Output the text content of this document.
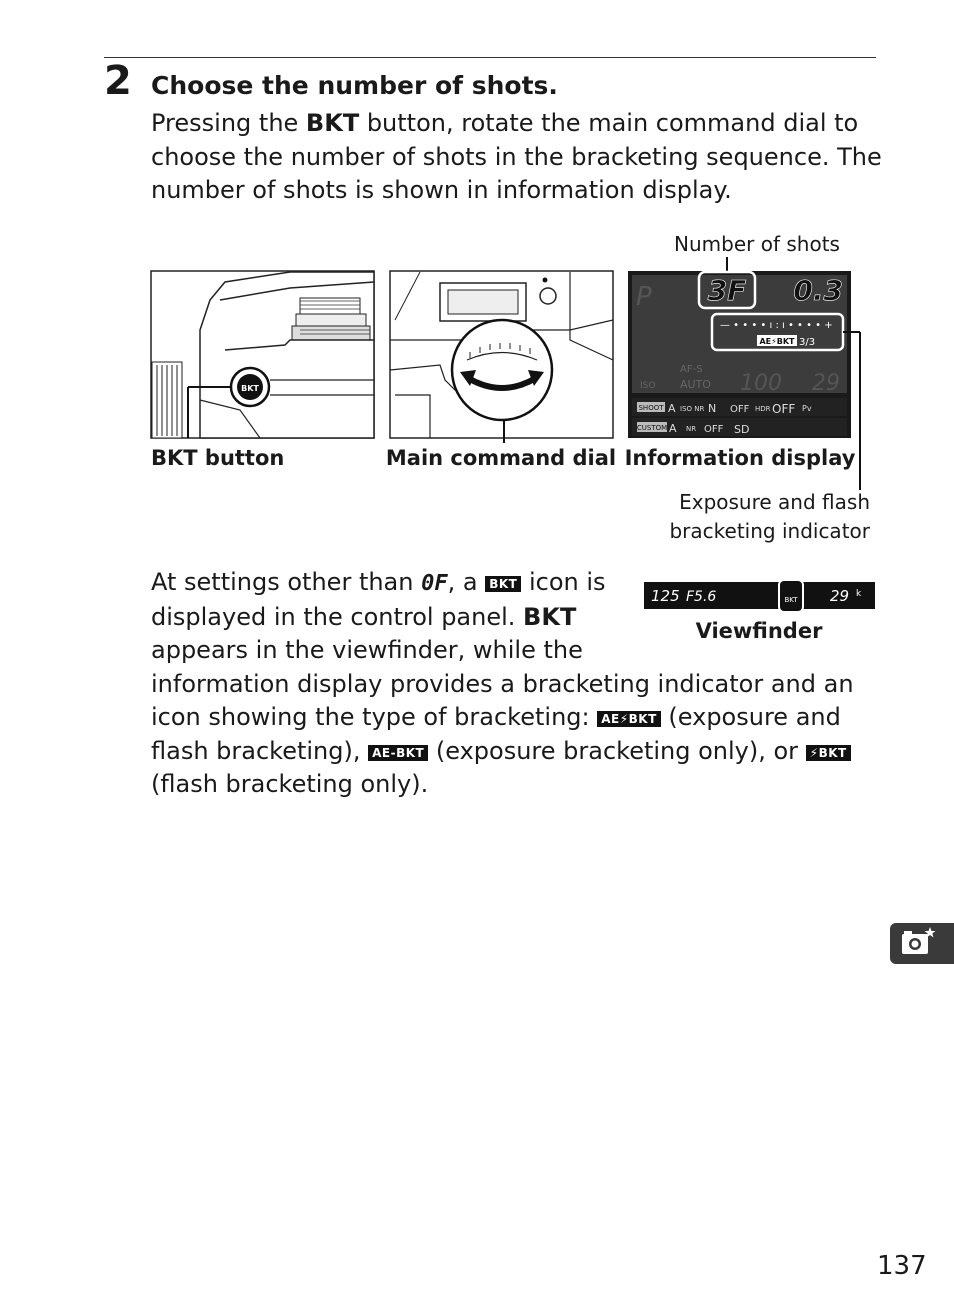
2 Choose the number of shots.
Pressing the BKT button, rotate the main command dial to
choose the number of shots in the bracketing sequence. The
number of shots is shown in information display.
Number of shots
BKT
P 3F 0.3
— • • • • ı : ı • • • • +
AE⚡BKT 3/3
AF-S
ISO AUTO 100 29
SHOOT A ISO NR N OFF HDR OFF Pv
CUSTOM A NR OFF SD
BKT button	Main command dial Information display
Exposure and flash
bracketing indicator
125 F5.6	BKT 29 k
Viewfinder
At settings other than 0F, a BKT icon is
displayed in the control panel. BKT
appears in the viewfinder, while the
information display provides a bracketing indicator and an
icon showing the type of bracketing: AE⚡BKT (exposure and
flash bracketing), AE-BKT (exposure bracketing only), or ⚡BKT
(flash bracketing only).
137
